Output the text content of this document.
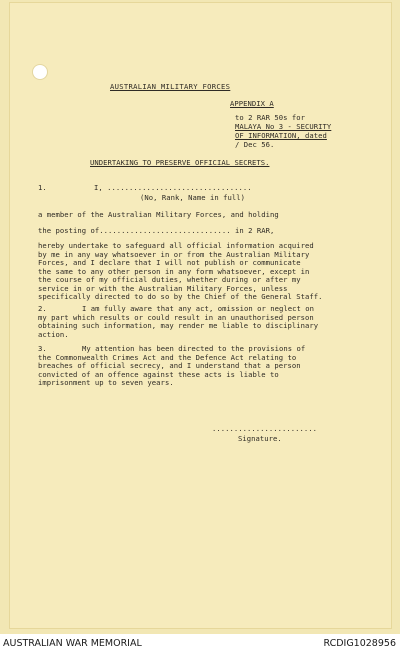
AUSTRALIAN MILITARY FORCES
APPENDIX A
to 2 RAR 50s for
MALAYA No 3 - SECURITY
OF INFORMATION, dated
/ Dec 56.
UNDERTAKING TO PRESERVE OFFICIAL SECRETS.
1.	I, .................................
(No, Rank, Name in full)
a member of the Australian Military Forces, and holding
the posting of.............................. in 2 RAR,
hereby undertake to safeguard all official information acquired
by me in any way whatsoever in or from the Australian Military
Forces, and I declare that I will not publish or communicate
the same to any other person in any form whatsoever, except in
the course of my official duties, whether during or after my
service in or with the Australian Military Forces, unless
specifically directed to do so by the Chief of the General Staff.
2.	I am fully aware that any act, omission or neglect on
my part which results or could result in an unauthorised person
obtaining such information, may render me liable to disciplinary
action.
3.	My attention has been directed to the provisions of
the Commonwealth Crimes Act and the Defence Act relating to
breaches of official secrecy, and I understand that a person
convicted of an offence against these acts is liable to
imprisonment up to seven years.
........................
Signature.
AUSTRALIAN WAR MEMORIAL	RCDIG1028956
